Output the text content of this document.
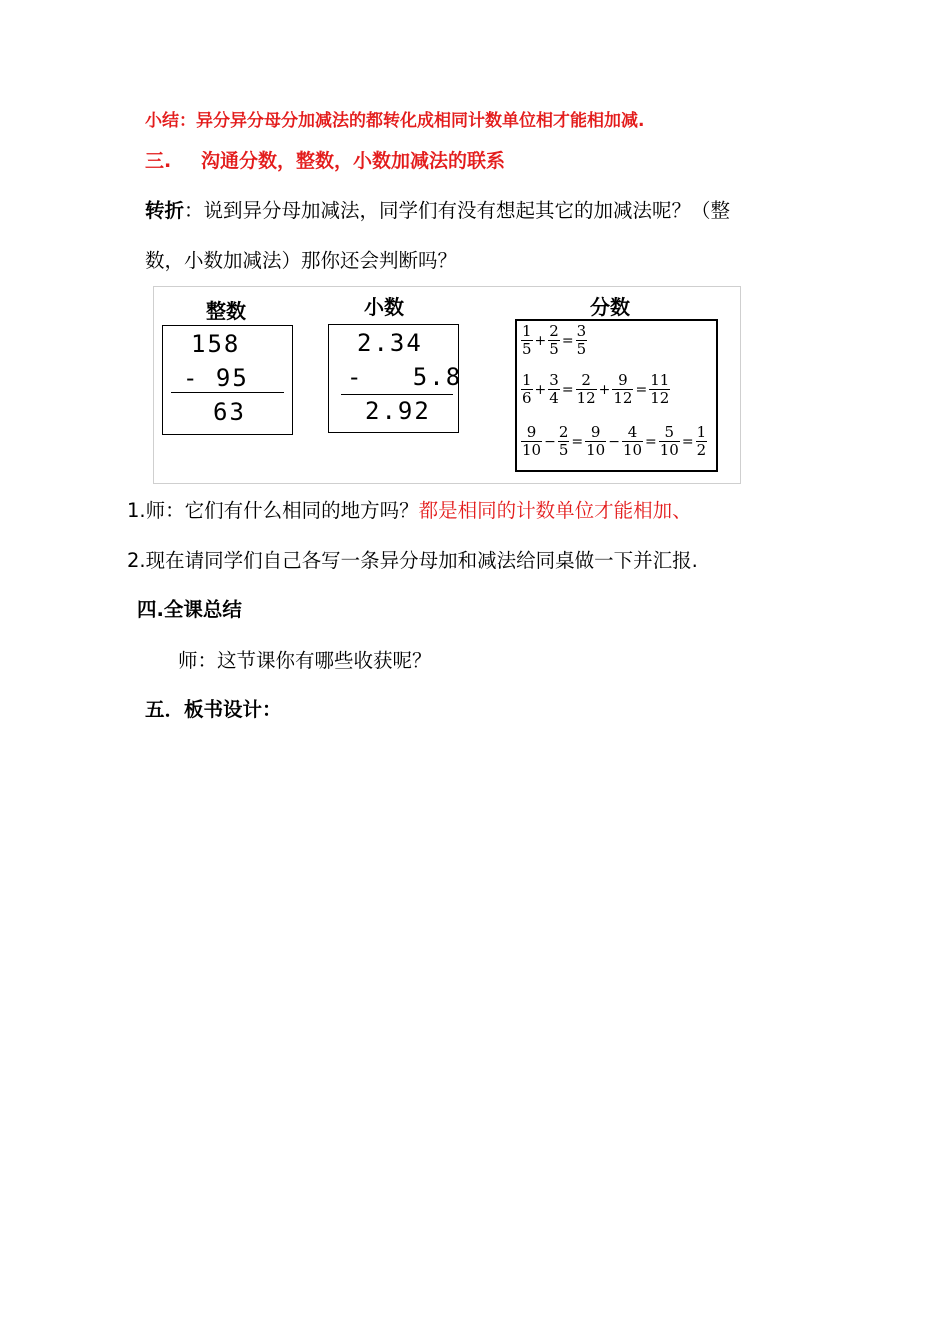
小结：异分异分母分加减法的都转化成相同计数单位相才能相加减.
三. 沟通分数，整数，小数加减法的联系
转折：说到异分母加减法，同学们有没有想起其它的加减法呢？（整
数，小数加减法）那你还会判断吗？
整数
158
- 95
63
小数
2.34
-   5.8
2.92
分数
$\frac{1}{5} + \frac{2}{5} = \frac{3}{5}$
$\frac{1}{6} + \frac{3}{4} = \frac{2}{12} + \frac{9}{12} = \frac{11}{12}$
$\frac{9}{10} - \frac{2}{5} = \frac{9}{10} - \frac{4}{10} = \frac{5}{10} = \frac{1}{2}$
1.师：它们有什么相同的地方吗？都是相同的计数单位才能相加、
2.现在请同学们自己各写一条异分母加和减法给同桌做一下并汇报.
四.全课总结
师：这节课你有哪些收获呢？
五．板书设计：
